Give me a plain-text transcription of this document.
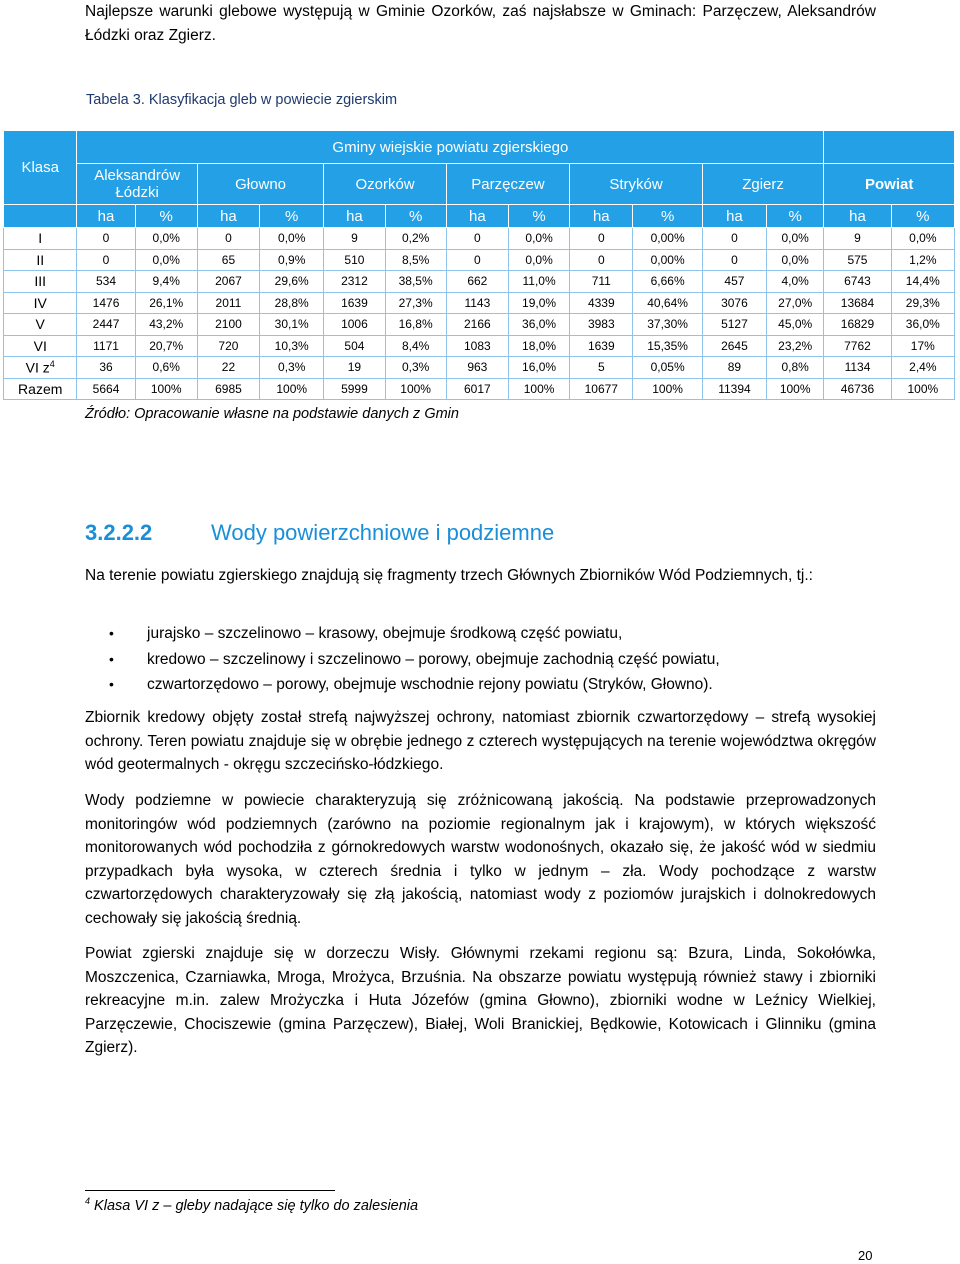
Najlepsze warunki glebowe występują w Gminie Ozorków, zaś najsłabsze w Gminach: Parzęczew, Aleksandrów Łódzki oraz Zgierz.
Tabela 3. Klasyfikacja gleb w powiecie zgierskim
Klasa	Gminy wiejskie powiatu zgierskiego													
	Aleksandrów Łódzki		Głowno		Ozorków		Parzęczew		Stryków		Zgierz		Powiat	
	ha	%	ha	%	ha	%	ha	%	ha	%	ha	%	ha	%
I	0	0,0%	0	0,0%	9	0,2%	0	0,0%	0	0,00%	0	0,0%	9	0,0%
II	0	0,0%	65	0,9%	510	8,5%	0	0,0%	0	0,00%	0	0,0%	575	1,2%
III	534	9,4%	2067	29,6%	2312	38,5%	662	11,0%	711	6,66%	457	4,0%	6743	14,4%
IV	1476	26,1%	2011	28,8%	1639	27,3%	1143	19,0%	4339	40,64%	3076	27,0%	13684	29,3%
V	2447	43,2%	2100	30,1%	1006	16,8%	2166	36,0%	3983	37,30%	5127	45,0%	16829	36,0%
VI	1171	20,7%	720	10,3%	504	8,4%	1083	18,0%	1639	15,35%	2645	23,2%	7762	17%
VI $z^4$	36	0,6%	22	0,3%	19	0,3%	963	16,0%	5	0,05%	89	0,8%	1134	2,4%
Razem	5664	100%	6985	100%	5999	100%	6017	100%	10677	100%	11394	100%	46736	100%
Źródło: Opracowanie własne na podstawie danych z Gmin
3.2.2.2	Wody powierzchniowe i podziemne
Na terenie powiatu zgierskiego znajdują się fragmenty trzech Głównych Zbiorników Wód Podziemnych, tj.:
• jurajsko – szczelinowo – krasowy, obejmuje środkową część powiatu,
• kredowo – szczelinowy i szczelinowo – porowy, obejmuje zachodnią część powiatu,
• czwartorzędowo – porowy, obejmuje wschodnie rejony powiatu (Stryków, Głowno).
Zbiornik kredowy objęty został strefą najwyższej ochrony, natomiast zbiornik czwartorzędowy – strefą wysokiej ochrony. Teren powiatu znajduje się w obrębie jednego z czterech występujących na terenie województwa okręgów wód geotermalnych - okręgu szczecińsko-łódzkiego.
Wody podziemne w powiecie charakteryzują się zróżnicowaną jakością. Na podstawie przeprowadzonych monitoringów wód podziemnych (zarówno na poziomie regionalnym jak i krajowym), w których większość monitorowanych wód pochodziła z górnokredowych warstw wodonośnych, okazało się, że jakość wód w siedmiu przypadkach była wysoka, w czterech średnia i tylko w jednym – zła. Wody pochodzące z warstw czwartorzędowych charakteryzowały się złą jakością, natomiast wody z poziomów jurajskich i dolnokredowych cechowały się jakością średnią.
Powiat zgierski znajduje się w dorzeczu Wisły. Głównymi rzekami regionu są: Bzura, Linda, Sokołówka, Moszczenica, Czarniawka, Mroga, Mrożyca, Brzuśnia. Na obszarze powiatu występują również stawy i zbiorniki rekreacyjne m.in. zalew Mrożyczka i Huta Józefów (gmina Głowno), zbiorniki wodne w Leźnicy Wielkiej, Parzęczewie, Chociszewie (gmina Parzęczew), Białej, Woli Branickiej, Będkowie, Kotowicach i Glinniku (gmina Zgierz).
$^4$ Klasa VI z – gleby nadające się tylko do zalesienia
20
